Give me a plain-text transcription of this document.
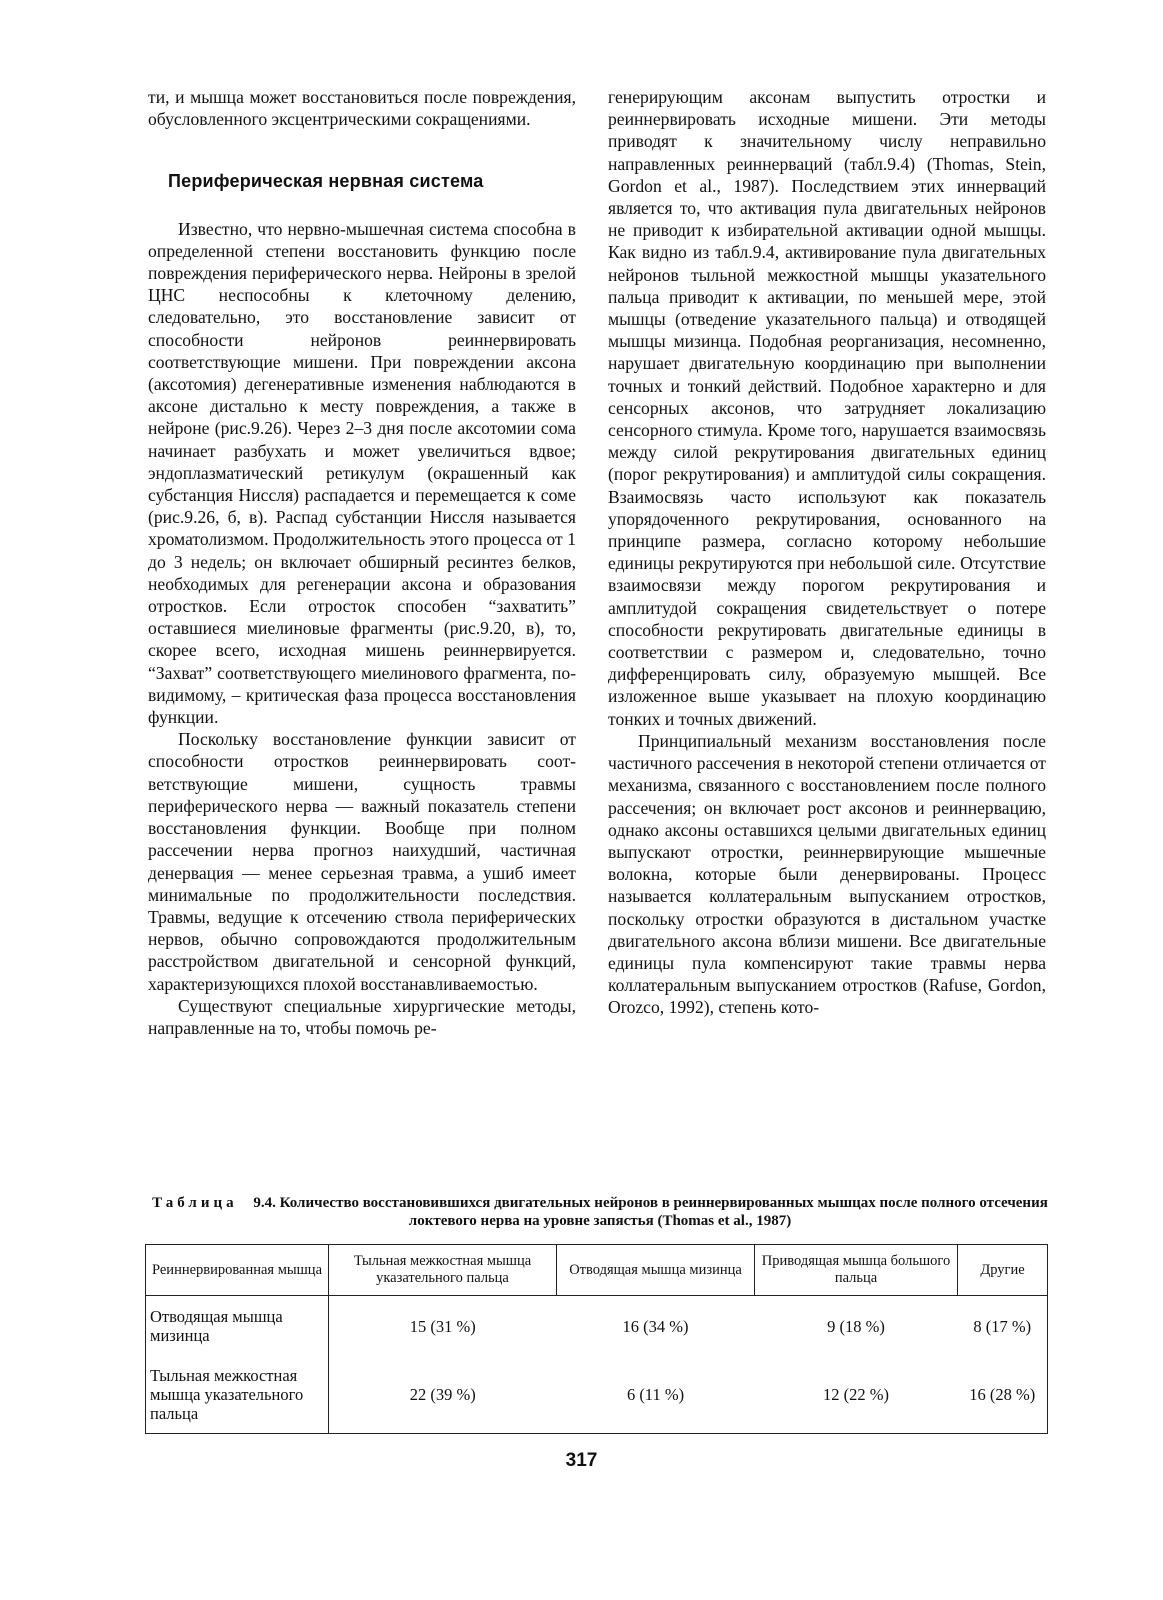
ти, и мышца может восстановиться после повреждения, обусловленного эксцентрическими сокращениями.

Периферическая нервная система

Известно, что нервно-мышечная система способна в определенной степени восстановить функцию после повреждения периферического нерва. Нейроны в зрелой ЦНС неспособны к клеточному делению, следовательно, это восстановление зависит от способности нейронов реиннервировать соответствующие мишени. При повреждении аксона (аксотомия) дегенеративные изменения наблюдаются в аксоне дистально к месту повреждения, а также в нейроне (рис.9.26). Через 2–3 дня после аксотомии сома начинает разбухать и может увеличиться вдвое; эндоплазматический ретикулум (окрашенный как субстанция Ниссля) распадается и перемещается к соме (рис.9.26, б, в). Распад субстанции Ниссля называется хроматолизмом. Продолжительность этого процесса от 1 до 3 недель; он включает обширный ресинтез белков, необходимых для регенерации аксона и образования отростков. Если отросток способен “захватить” оставшиеся миелиновые фрагменты (рис.9.20, в), то, скорее всего, исходная мишень реиннервируется. “Захват” соответствующего миелинового фрагмента, по-видимому, – критическая фаза процесса восстановления функции.

Поскольку восстановление функции зависит от способности отростков реиннервировать соот-ветствующие мишени, сущность травмы периферического нерва — важный показатель степени восстановления функции. Вообще при полном рассечении нерва прогноз наихудший, частичная денервация — менее серьезная травма, а ушиб имеет минимальные по продолжительности последствия. Травмы, ведущие к отсечению ствола периферических нервов, обычно сопровождаются продолжительным расстройством двигательной и сенсорной функций, характеризующихся плохой восстанавливаемостью.

Существуют специальные хирургические методы, направленные на то, чтобы помочь ре-

генерирующим аксонам выпустить отростки и реиннервировать исходные мишени. Эти методы приводят к значительному числу неправильно направленных реиннерваций (табл.9.4) (Thomas, Stein, Gordon et al., 1987). Последствием этих иннерваций является то, что активация пула двигательных нейронов не приводит к избирательной активации одной мышцы. Как видно из табл.9.4, активирование пула двигательных нейронов тыльной межкостной мышцы указательного пальца приводит к активации, по меньшей мере, этой мышцы (отведение указательного пальца) и отводящей мышцы мизинца. Подобная реорганизация, несомненно, нарушает двигательную координацию при выполнении точных и тонкий действий. Подобное характерно и для сенсорных аксонов, что затрудняет локализацию сенсорного стимула. Кроме того, нарушается взаимосвязь между силой рекрутирования двигательных единиц (порог рекрутирования) и амплитудой силы сокращения. Взаимосвязь часто используют как показатель упорядоченного рекрутирования, основанного на принципе размера, согласно которому небольшие единицы рекрутируются при небольшой силе. Отсутствие взаимосвязи между порогом рекрутирования и амплитудой сокращения свидетельствует о потере способности рекрутировать двигательные единицы в соответствии с размером и, следовательно, точно дифференцировать силу, образуемую мышцей. Все изложенное выше указывает на плохую координацию тонких и точных движений.

Принципиальный механизм восстановления после частичного рассечения в некоторой степени отличается от механизма, связанного с восстановлением после полного рассечения; он включает рост аксонов и реиннервацию, однако аксоны оставшихся целыми двигательных единиц выпускают отростки, реиннервирующие мышечные волокна, которые были денервированы. Процесс называется коллатеральным выпусканием отростков, поскольку отростки образуются в дистальном участке двигательного аксона вблизи мишени. Все двигательные единицы пула компенсируют такие травмы нерва коллатеральным выпусканием отростков (Rafuse, Gordon, Orozco, 1992), степень кото-

Таблица 9.4. Количество восстановившихся двигательных нейронов в реиннервированных мышцах после полного отсечения локтевого нерва на уровне запястья (Thomas et al., 1987)
Реиннервированная мышца	Тыльная межкостная мышца указательного пальца	Отводящая мышца мизинца	Приводящая мышца большого пальца	Другие
Отводящая мышца мизинца	15 (31 %)	16 (34 %)	9 (18 %)	8 (17 %)
Тыльная межкостная мышца указательного пальца	22 (39 %)	6 (11 %)	12 (22 %)	16 (28 %)
317
